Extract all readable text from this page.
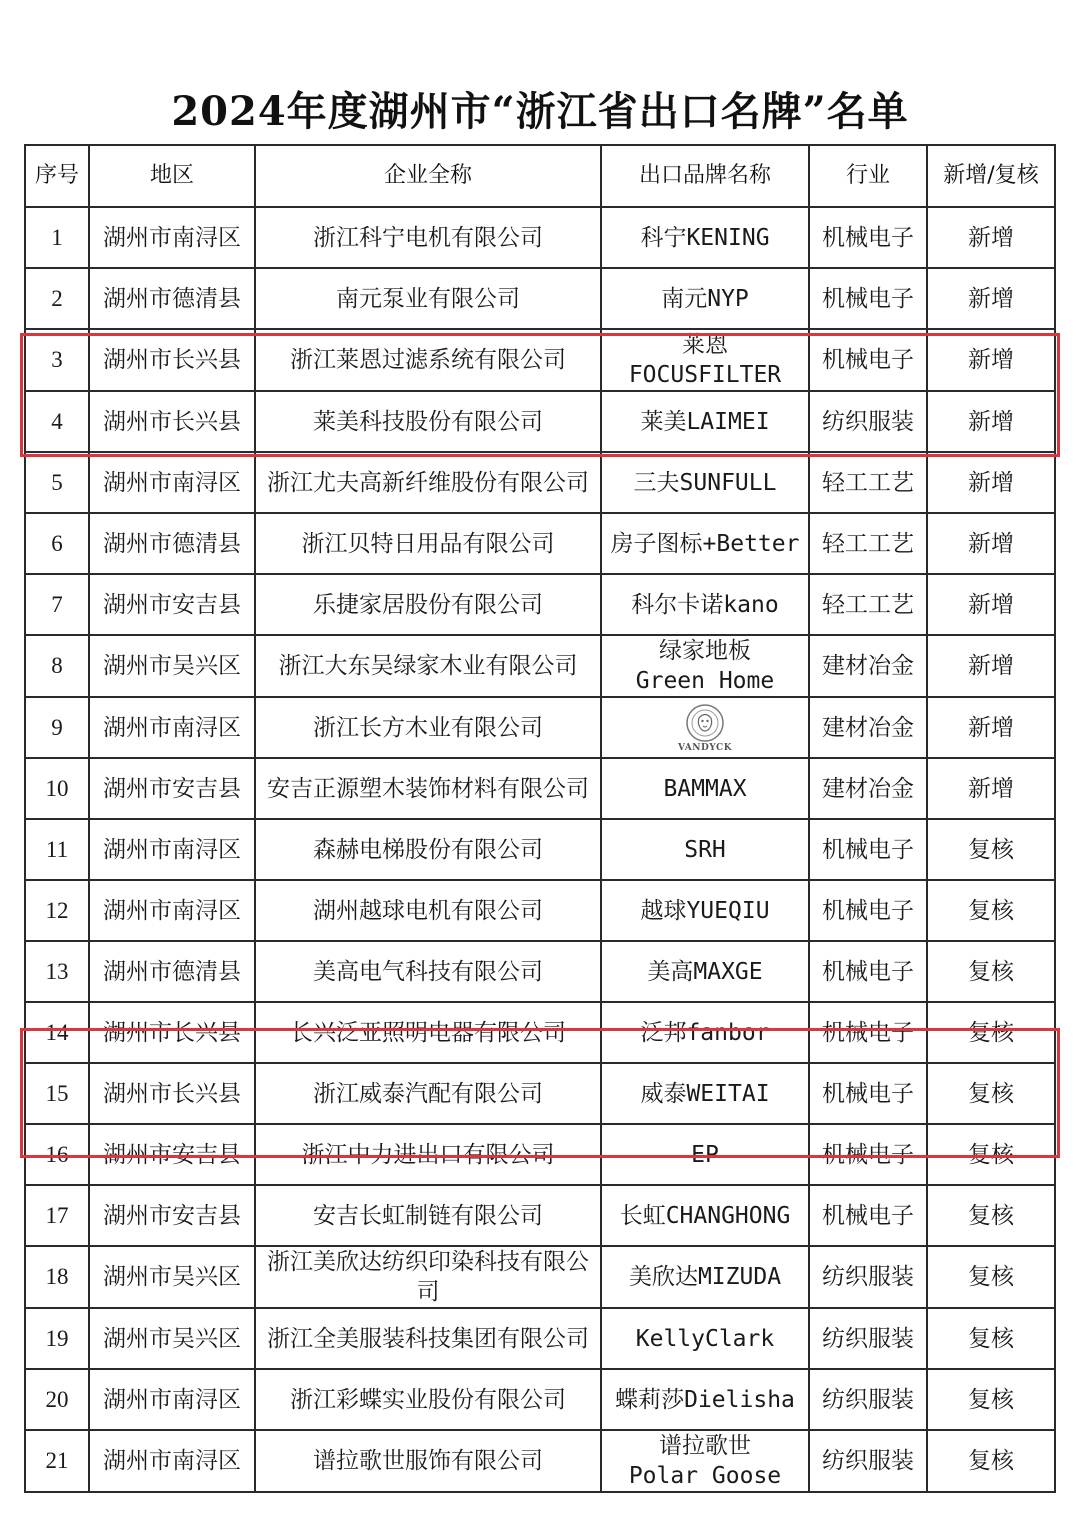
2024年度湖州市“浙江省出口名牌”名单
序号	地区	企业全称	出口品牌名称	行业	新增/复核
1	湖州市南浔区	浙江科宁电机有限公司	科宁KENING	机械电子	新增
2	湖州市德清县	南元泵业有限公司	南元NYP	机械电子	新增
3	湖州市长兴县	浙江莱恩过滤系统有限公司	莱恩FOCUSFILTER	机械电子	新增
4	湖州市长兴县	莱美科技股份有限公司	莱美LAIMEI	纺织服装	新增
5	湖州市南浔区	浙江尤夫高新纤维股份有限公司	三夫SUNFULL	轻工工艺	新增
6	湖州市德清县	浙江贝特日用品有限公司	房子图标+Better	轻工工艺	新增
7	湖州市安吉县	乐捷家居股份有限公司	科尔卡诺kano	轻工工艺	新增
8	湖州市吴兴区	浙江大东吴绿家木业有限公司	绿家地板
Green Home	建材冶金	新增
9	湖州市南浔区	浙江长方木业有限公司	VANDYCK	建材冶金	新增
10	湖州市安吉县	安吉正源塑木装饰材料有限公司	BAMMAX	建材冶金	新增
11	湖州市南浔区	森赫电梯股份有限公司	SRH	机械电子	复核
12	湖州市南浔区	湖州越球电机有限公司	越球YUEQIU	机械电子	复核
13	湖州市德清县	美高电气科技有限公司	美高MAXGE	机械电子	复核
14	湖州市长兴县	长兴泛亚照明电器有限公司	泛邦fanbor	机械电子	复核
15	湖州市长兴县	浙江威泰汽配有限公司	威泰WEITAI	机械电子	复核
16	湖州市安吉县	浙江中力进出口有限公司	EP	机械电子	复核
17	湖州市安吉县	安吉长虹制链有限公司	长虹CHANGHONG	机械电子	复核
18	湖州市吴兴区	浙江美欣达纺织印染科技有限公司	美欣达MIZUDA	纺织服装	复核
19	湖州市吴兴区	浙江全美服装科技集团有限公司	KellyClark	纺织服装	复核
20	湖州市南浔区	浙江彩蝶实业股份有限公司	蝶莉莎Dielisha	纺织服装	复核
21	湖州市南浔区	谱拉歌世服饰有限公司	谱拉歌世
Polar Goose	纺织服装	复核
